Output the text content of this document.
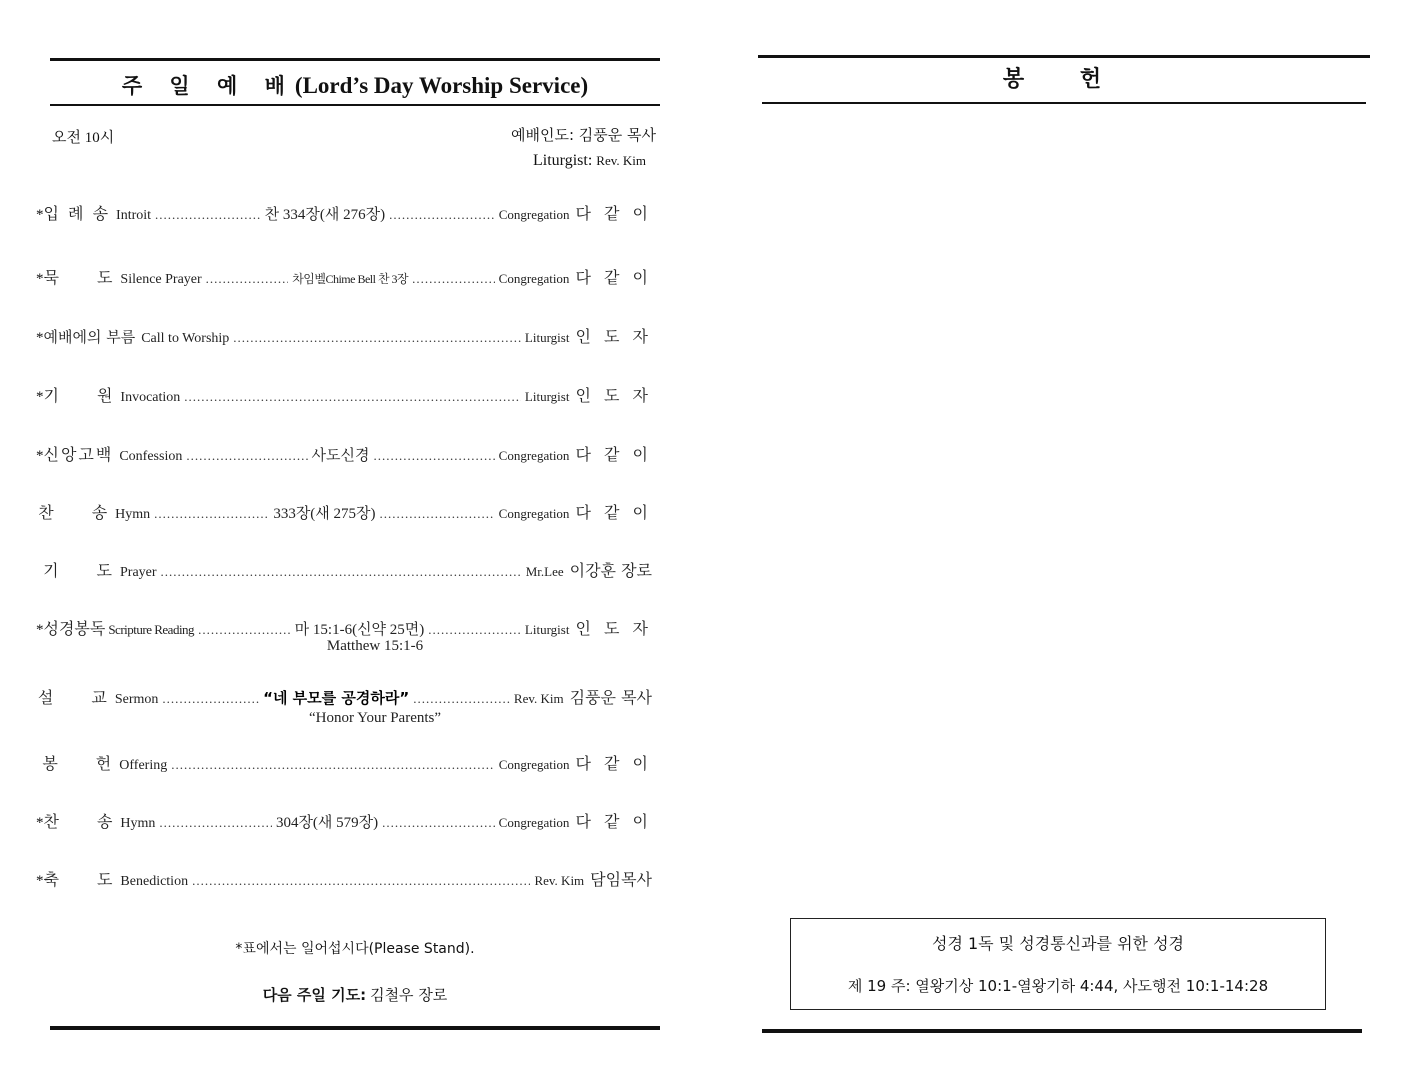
주 일 예 배(Lord’s Day Worship Service)
오전 10시	예배인도: 김풍운 목사
Liturgist: Rev. Kim
* 입 례 송 Introit .....	찬 334장(새 276장) .....	Congregation 다 같 이
* 묵　　도 Silence Prayer .....	차임벨Chime Bell 찬 3장 .....	Congregation 다 같 이
* 예배에의 부름 Call to Worship .....	Liturgist 인 도 자
* 기　　원 Invocation .....	Liturgist 인 도 자
* 신앙고백 Confession .....	사도신경 .....	Congregation 다 같 이
찬　　송 Hymn .....	333장(새 275장) .....	Congregation 다 같 이
기　　도 Prayer .....	Mr.Lee 이강훈 장로
* 성경봉독 Scripture Reading .....	마 15:1-6(신약 25면) .....	Liturgist 인 도 자
Matthew 15:1-6
설　　교 Sermon .....	“네 부모를 공경하라” .....	Rev. Kim 김풍운 목사
“Honor Your Parents”
봉　　헌 Offering .....	Congregation 다 같 이
* 찬　　송 Hymn .....	304장(새 579장) .....	Congregation 다 같 이
* 축　　도 Benediction .....	Rev. Kim 담임목사
*표에서는 일어섭시다(Please Stand).
다음 주일 기도: 김철우 장로
봉 헌
성경 1독 및 성경통신과를 위한 성경
제 19 주: 열왕기상 10:1-열왕기하 4:44, 사도행전 10:1-14:28
